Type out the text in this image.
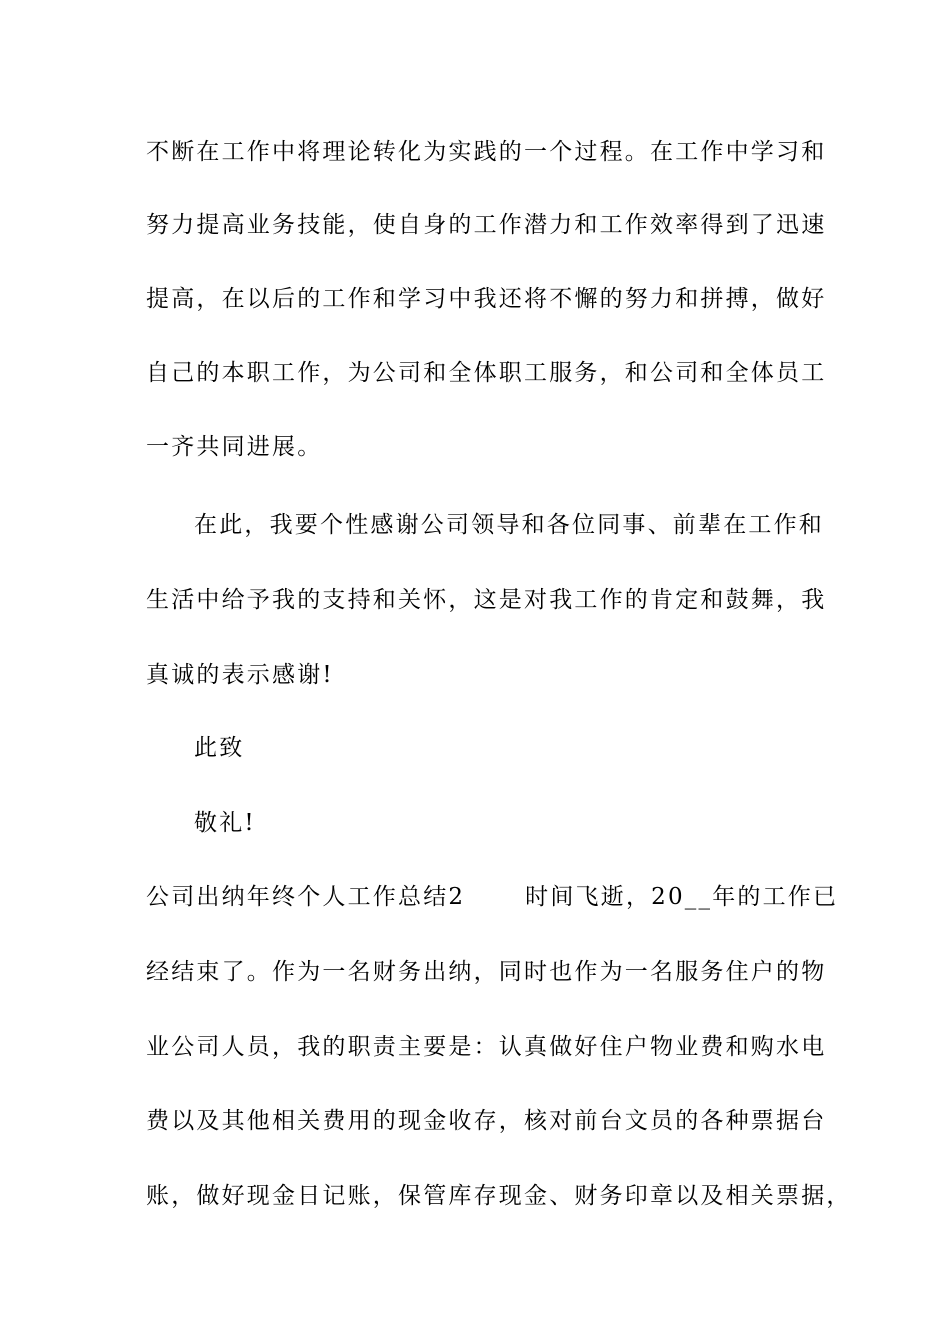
不断在工作中将理论转化为实践的一个过程。在工作中学习和
努力提高业务技能，使自身的工作潜力和工作效率得到了迅速
提高，在以后的工作和学习中我还将不懈的努力和拼搏，做好
自己的本职工作，为公司和全体职工服务，和公司和全体员工
一齐共同进展。
在此，我要个性感谢公司领导和各位同事、前辈在工作和
生活中给予我的支持和关怀，这是对我工作的肯定和鼓舞，我
真诚的表示感谢!
此致
敬礼!
公司出纳年终个人工作总结2　　 时间飞逝，20__年的工作已
经结束了。作为一名财务出纳，同时也作为一名服务住户的物
业公司人员，我的职责主要是：认真做好住户物业费和购水电
费以及其他相关费用的现金收存，核对前台文员的各种票据台
账，做好现金日记账，保管库存现金、财务印章以及相关票据，
